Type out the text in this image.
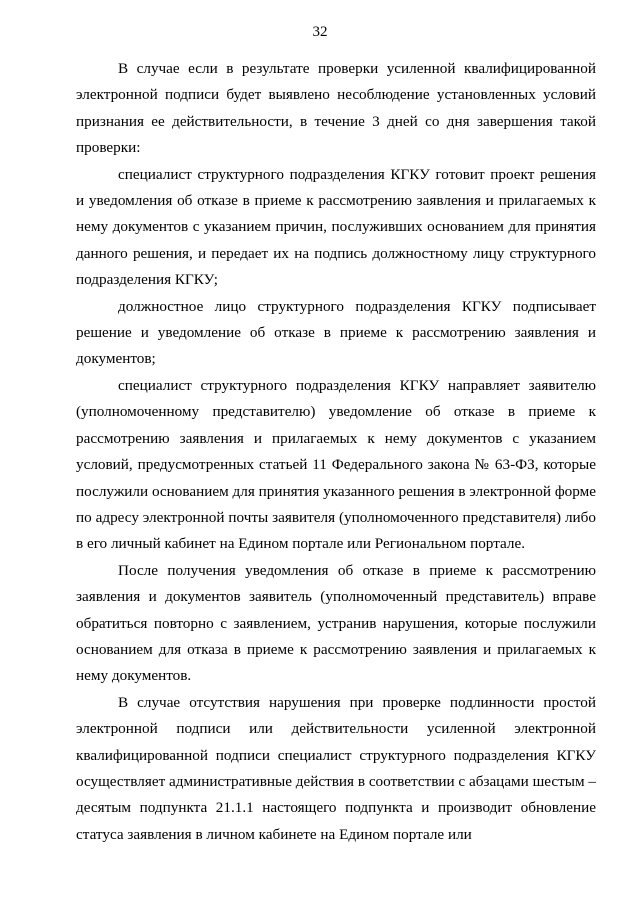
32

В случае если в результате проверки усиленной квалифицированной электронной подписи будет выявлено несоблюдение установленных условий признания ее действительности, в течение 3 дней со дня завершения такой проверки:

специалист структурного подразделения КГКУ готовит проект решения и уведомления об отказе в приеме к рассмотрению заявления и прилагаемых к нему документов с указанием причин, послуживших основанием для принятия данного решения, и передает их на подпись должностному лицу структурного подразделения КГКУ;

должностное лицо структурного подразделения КГКУ подписывает решение и уведомление об отказе в приеме к рассмотрению заявления и документов;

специалист структурного подразделения КГКУ направляет заявителю (уполномоченному представителю) уведомление об отказе в приеме к рассмотрению заявления и прилагаемых к нему документов с указанием условий, предусмотренных статьей 11 Федерального закона № 63-ФЗ, которые послужили основанием для принятия указанного решения в электронной форме по адресу электронной почты заявителя (уполномоченного представителя) либо в его личный кабинет на Едином портале или Региональном портале.

После получения уведомления об отказе в приеме к рассмотрению заявления и документов заявитель (уполномоченный представитель) вправе обратиться повторно с заявлением, устранив нарушения, которые послужили основанием для отказа в приеме к рассмотрению заявления и прилагаемых к нему документов.

В случае отсутствия нарушения при проверке подлинности простой электронной подписи или действительности усиленной электронной квалифицированной подписи специалист структурного подразделения КГКУ осуществляет административные действия в соответствии с абзацами шестым – десятым подпункта 21.1.1 настоящего подпункта и производит обновление статуса заявления в личном кабинете на Едином портале или
